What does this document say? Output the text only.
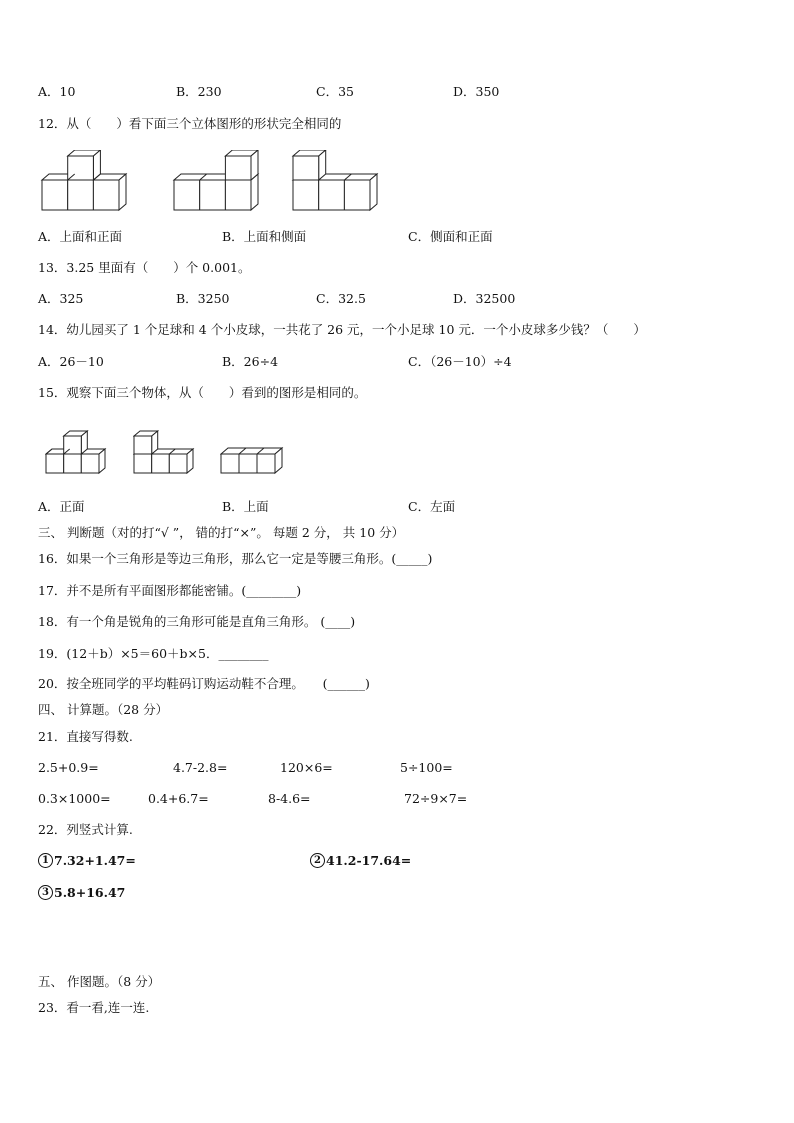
A．10	B．230	C．35	D．350
12．从（　　）看下面三个立体图形的形状完全相同的
A．上面和正面	B．上面和侧面	C．侧面和正面
13．3.25 里面有（　　）个 0.001。
A．325	B．3250	C．32.5	D．32500
14．幼儿园买了 1 个足球和 4 个小皮球，一共花了 26 元，一个小足球 10 元．一个小皮球多少钱？（　　）
A．26－10	B．26÷4	C．（26－10）÷4
15．观察下面三个物体，从（　　）看到的图形是相同的。
A．正面	B．上面	C．左面
三、 判断题（对的打“√ ”， 错的打“×”。 每题 2 分， 共 10 分）
16．如果一个三角形是等边三角形，那么它一定是等腰三角形。(_____)
17．并不是所有平面图形都能密铺。(________)
18．有一个角是锐角的三角形可能是直角三角形。 (____)
19．(12＋b）×5＝60＋b×5．________
20．按全班同学的平均鞋码订购运动鞋不合理。　　(______)
四、 计算题。（28 分）
21．直接写得数.
2.5+0.9=	4.7-2.8=	120×6=	5÷100=
0.3×1000=	0.4+6.7=	8-4.6=	72÷9×7=
22．列竖式计算.
1 7.32+1.47=	2 41.2-17.64=
3 5.8+16.47
五、 作图题。（8 分）
23．看一看,连一连.
